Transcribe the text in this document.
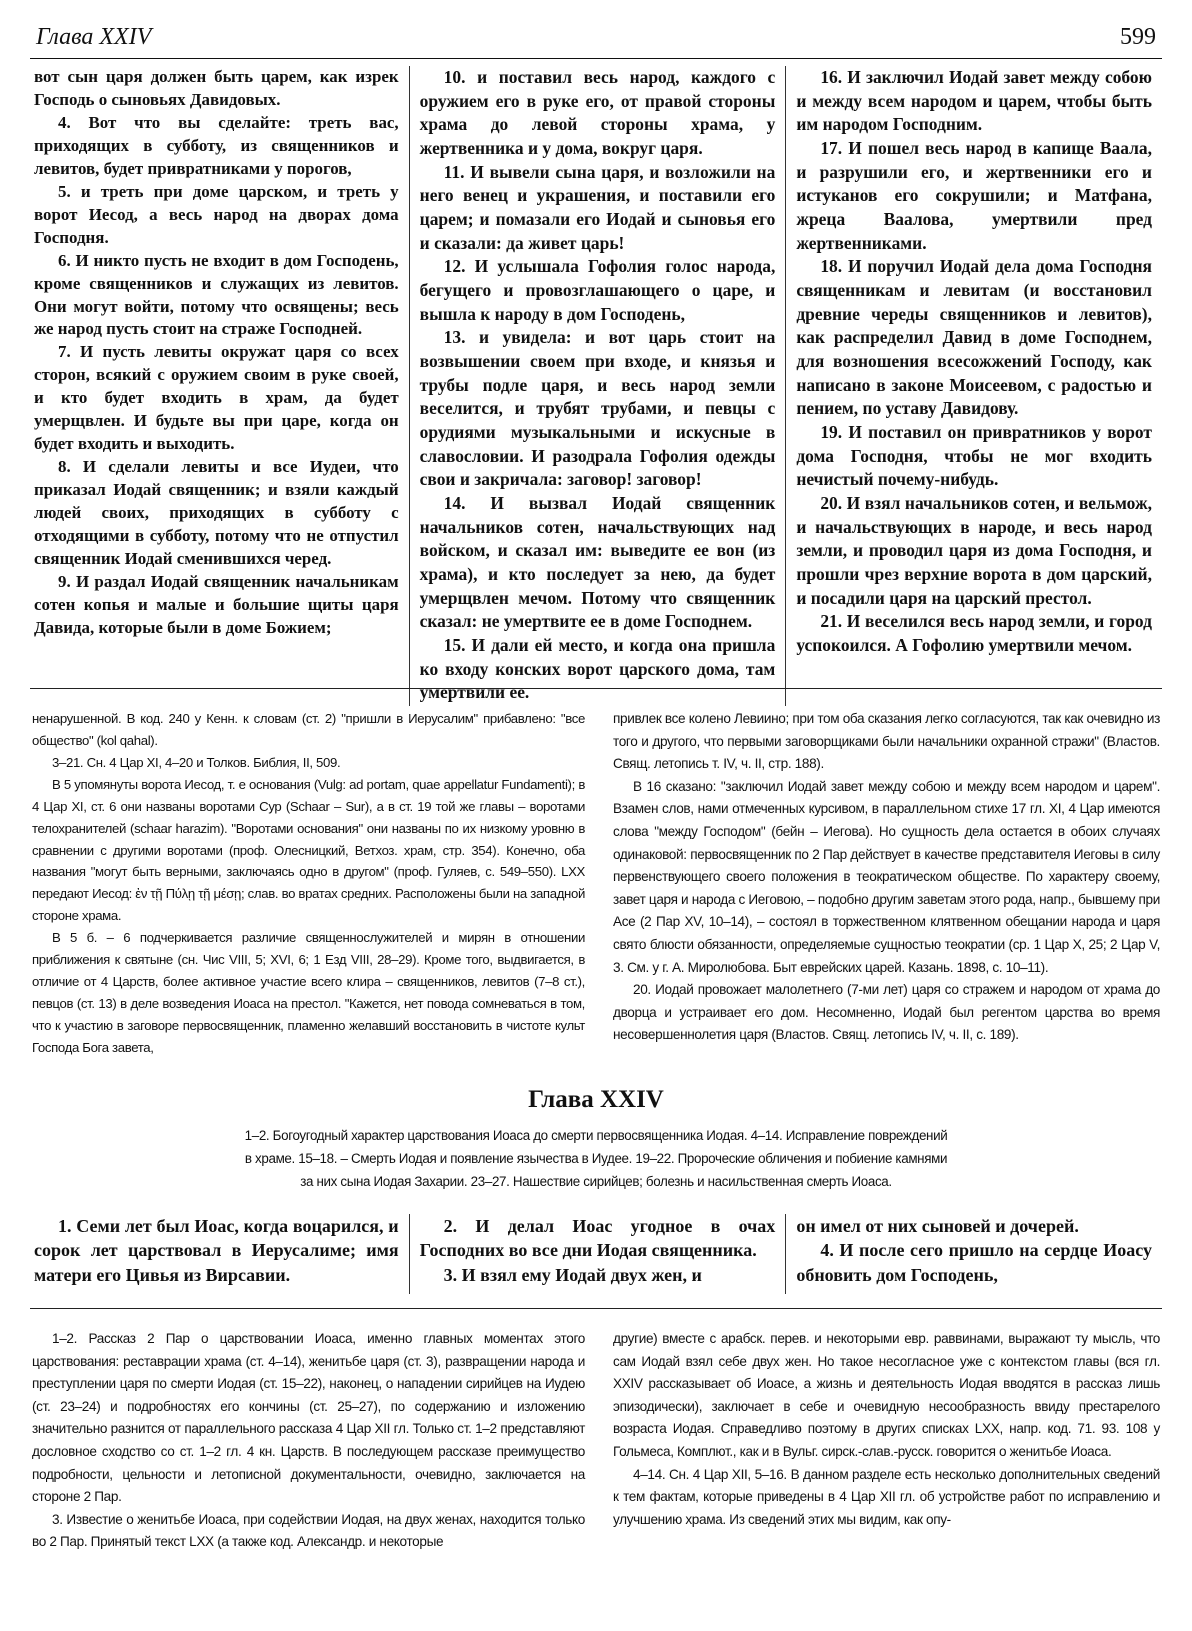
Глава XXIV	599

вот сын царя должен быть царем, как изрек Господь о сыновьях Давидовых.

4. Вот что вы сделайте: треть вас, приходящих в субботу, из священников и левитов, будет привратниками у порогов,

5. и треть при доме царском, и треть у ворот Иесод, а весь народ на дворах дома Господня.

6. И никто пусть не входит в дом Господень, кроме священников и служащих из левитов. Они могут войти, потому что освящены; весь же народ пусть стоит на страже Господней.

7. И пусть левиты окружат царя со всех сторон, всякий с оружием своим в руке своей, и кто будет входить в храм, да будет умерщвлен. И будьте вы при царе, когда он будет входить и выходить.

8. И сделали левиты и все Иудеи, что приказал Иодай священник; и взяли каждый людей своих, приходящих в субботу с отходящими в субботу, потому что не отпустил священник Иодай сменившихся черед.

9. И раздал Иодай священник начальникам сотен копья и малые и большие щиты царя Давида, которые были в доме Божием;

10. и поставил весь народ, каждого с оружием его в руке его, от правой стороны храма до левой стороны храма, у жертвенника и у дома, вокруг царя.

11. И вывели сына царя, и возложили на него венец и украшения, и поставили его царем; и помазали его Иодай и сыновья его и сказали: да живет царь!

12. И услышала Гофолия голос народа, бегущего и провозглашающего о царе, и вышла к народу в дом Господень,

13. и увидела: и вот царь стоит на возвышении своем при входе, и князья и трубы подле царя, и весь народ земли веселится, и трубят трубами, и певцы с орудиями музыкальными и искусные в славословии. И разодрала Гофолия одежды свои и закричала: заговор! заговор!

14. И вызвал Иодай священник начальников сотен, начальствующих над войском, и сказал им: выведите ее вон (из храма), и кто последует за нею, да будет умерщвлен мечом. Потому что священник сказал: не умертвите ее в доме Господнем.

15. И дали ей место, и когда она пришла ко входу конских ворот царского дома, там умертвили ее.

16. И заключил Иодай завет между собою и между всем народом и царем, чтобы быть им народом Господним.

17. И пошел весь народ в капище Ваала, и разрушили его, и жертвенники его и истуканов его сокрушили; и Матфана, жреца Ваалова, умертвили пред жертвенниками.

18. И поручил Иодай дела дома Господня священникам и левитам (и восстановил древние череды священников и левитов), как распределил Давид в доме Господнем, для возношения всесожжений Господу, как написано в законе Моисеевом, с радостью и пением, по уставу Давидову.

19. И поставил он привратников у ворот дома Господня, чтобы не мог входить нечистый почему-нибудь.

20. И взял начальников сотен, и вельмож, и начальствующих в народе, и весь народ земли, и проводил царя из дома Господня, и прошли чрез верхние ворота в дом царский, и посадили царя на царский престол.

21. И веселился весь народ земли, и город успокоился. А Гофолию умертвили мечом.

ненарушенной. В код. 240 у Кенн. к словам (ст. 2) "пришли в Иерусалим" прибавлено: "все общество" (kol qahal).

3–21. Сн. 4 Цар XI, 4–20 и Толков. Библия, II, 509.

В 5 упомянуты ворота Иесод, т. е основания (Vulg: ad portam, quae appellatur Fundamenti); в 4 Цар XI, ст. 6 они названы воротами Сур (Schaar – Sur), а в ст. 19 той же главы – воротами телохранителей (schaar harazim). "Воротами основания" они названы по их низкому уровню в сравнении с другими воротами (проф. Олесницкий, Ветхоз. храм, стр. 354). Конечно, оба названия "могут быть верными, заключаясь одно в другом" (проф. Гуляев, с. 549–550). LXX передают Иесод: ἐν τῇ Πύλῃ τῇ μέσῃ; слав. во вратах средних. Расположены были на западной стороне храма.

В 5 б. – 6 подчеркивается различие священнослужителей и мирян в отношении приближения к святыне (сн. Чис VIII, 5; XVI, 6; 1 Езд VIII, 28–29). Кроме того, выдвигается, в отличие от 4 Царств, более активное участие всего клира – священников, левитов (7–8 ст.), певцов (ст. 13) в деле возведения Иоаса на престол. "Кажется, нет повода сомневаться в том, что к участию в заговоре первосвященник, пламенно желавший восстановить в чистоте культ Господа Бога завета,

привлек все колено Левиино; при том оба сказания легко согласуются, так как очевидно из того и другого, что первыми заговорщиками были начальники охранной стражи" (Властов. Свящ. летопись т. IV, ч. II, стр. 188).

В 16 сказано: "заключил Иодай завет между собою и между всем народом и царем". Взамен слов, нами отмеченных курсивом, в параллельном стихе 17 гл. XI, 4 Цар имеются слова "между Господом" (бейн – Иегова). Но сущность дела остается в обоих случаях одинаковой: первосвященник по 2 Пар действует в качестве представителя Иеговы в силу первенствующего своего положения в теократическом обществе. По характеру своему, завет царя и народа с Иеговою, – подобно другим заветам этого рода, напр., бывшему при Асе (2 Пар XV, 10–14), – состоял в торжественном клятвенном обещании народа и царя свято блюсти обязанности, определяемые сущностью теократии (ср. 1 Цар X, 25; 2 Цар V, 3. См. у г. А. Миролюбова. Быт еврейских царей. Казань. 1898, с. 10–11).

20. Иодай провожает малолетнего (7-ми лет) царя со стражем и народом от храма до дворца и устраивает его дом. Несомненно, Иодай был регентом царства во время несовершеннолетия царя (Властов. Свящ. летопись IV, ч. II, с. 189).

Глава XXIV
1–2. Богоугодный характер царствования Иоаса до смерти первосвященника Иодая. 4–14. Исправление повреждений
в храме. 15–18. – Смерть Иодая и появление язычества в Иудее. 19–22. Пророческие обличения и побиение камнями
за них сына Иодая Захарии. 23–27. Нашествие сирийцев; болезнь и насильственная смерть Иоаса.

1. Семи лет был Иоас, когда воцарился, и сорок лет царствовал в Иерусалиме; имя матери его Цивья из Вирсавии.

2. И делал Иоас угодное в очах Господних во все дни Иодая священника.

3. И взял ему Иодай двух жен, и

он имел от них сыновей и дочерей.

4. И после сего пришло на сердце Иоасу обновить дом Господень,

1–2. Рассказ 2 Пар о царствовании Иоаса, именно главных моментах этого царствования: реставрации храма (ст. 4–14), женитьбе царя (ст. 3), развращении народа и преступлении царя по смерти Иодая (ст. 15–22), наконец, о нападении сирийцев на Иудею (ст. 23–24) и подробностях его кончины (ст. 25–27), по содержанию и изложению значительно разнится от параллельного рассказа 4 Цар XII гл. Только ст. 1–2 представляют дословное сходство со ст. 1–2 гл. 4 кн. Царств. В последующем рассказе преимущество подробности, цельности и летописной документальности, очевидно, заключается на стороне 2 Пар.

3. Известие о женитьбе Иоаса, при содействии Иодая, на двух женах, находится только во 2 Пар. Принятый текст LXX (а также код. Александр. и некоторые

другие) вместе с арабск. перев. и некоторыми евр. раввинами, выражают ту мысль, что сам Иодай взял себе двух жен. Но такое несогласное уже с контекстом главы (вся гл. XXIV рассказывает об Иоасе, а жизнь и деятельность Иодая вводятся в рассказ лишь эпизодически), заключает в себе и очевидную несообразность ввиду престарелого возраста Иодая. Справедливо поэтому в других списках LXX, напр. код. 71. 93. 108 у Гольмеса, Комплют., как и в Вульг. сирск.-слав.-русск. говорится о женитьбе Иоаса.

4–14. Сн. 4 Цар XII, 5–16. В данном разделе есть несколько дополнительных сведений к тем фактам, которые приведены в 4 Цар XII гл. об устройстве работ по исправлению и улучшению храма. Из сведений этих мы видим, как опу-
